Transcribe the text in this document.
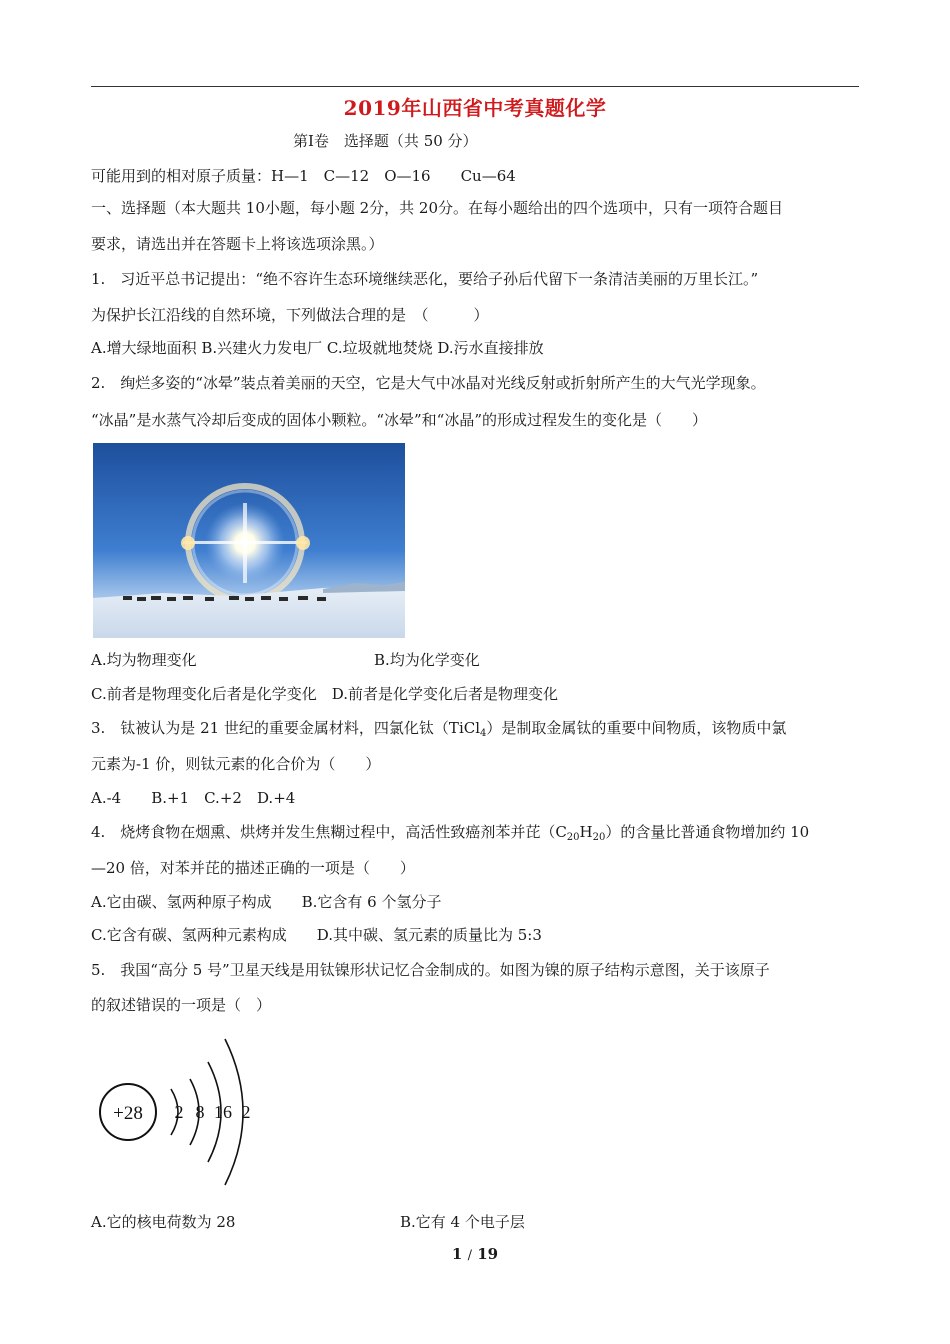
2019年山西省中考真题化学
第Ⅰ卷　选择题（共 50 分）
可能用到的相对原子质量：H—1　C—12　O—16　　Cu—64
一、选择题（本大题共 10小题，每小题 2分，共 20分。在每小题给出的四个选项中，只有一项符合题目
要求，请选出并在答题卡上将该选项涂黑。）
1.　习近平总书记提出：“绝不容许生态环境继续恶化，要给子孙后代留下一条清洁美丽的万里长江。”
为保护长江沿线的自然环境，下列做法合理的是　（　　　）
A.增大绿地面积 B.兴建火力发电厂 C.垃圾就地焚烧 D.污水直接排放
2.　绚烂多姿的“冰晕”装点着美丽的天空，它是大气中冰晶对光线反射或折射所产生的大气光学现象。
“冰晶”是水蒸气冷却后变成的固体小颗粒。“冰晕”和“冰晶”的形成过程发生的变化是（　　）
A.均为物理变化	B.均为化学变化
C.前者是物理变化后者是化学变化　D.前者是化学变化后者是物理变化
3.　钛被认为是 21 世纪的重要金属材料，四氯化钛（TiCl$_4$）是制取金属钛的重要中间物质，该物质中氯
元素为-1 价，则钛元素的化合价为（　　）
A.-4　　B.+1　C.+2　D.+4
4.　烧烤食物在烟熏、烘烤并发生焦糊过程中，高活性致癌剂苯并芘$(C_{20}H_{20})$的含量比普通食物增加约 10
—20 倍，对苯并芘的描述正确的一项是（　　）
A.它由碳、氢两种原子构成　　B.它含有 6 个氢分子
C.它含有碳、氢两种元素构成　　D.其中碳、氢元素的质量比为 5:3
5.　我国“高分 5 号”卫星天线是用钛镍形状记忆合金制成的。如图为镍的原子结构示意图，关于该原子
的叙述错误的一项是（　）
+28 2 8 16 2
A.它的核电荷数为 28	B.它有 4 个电子层
1 / 19
